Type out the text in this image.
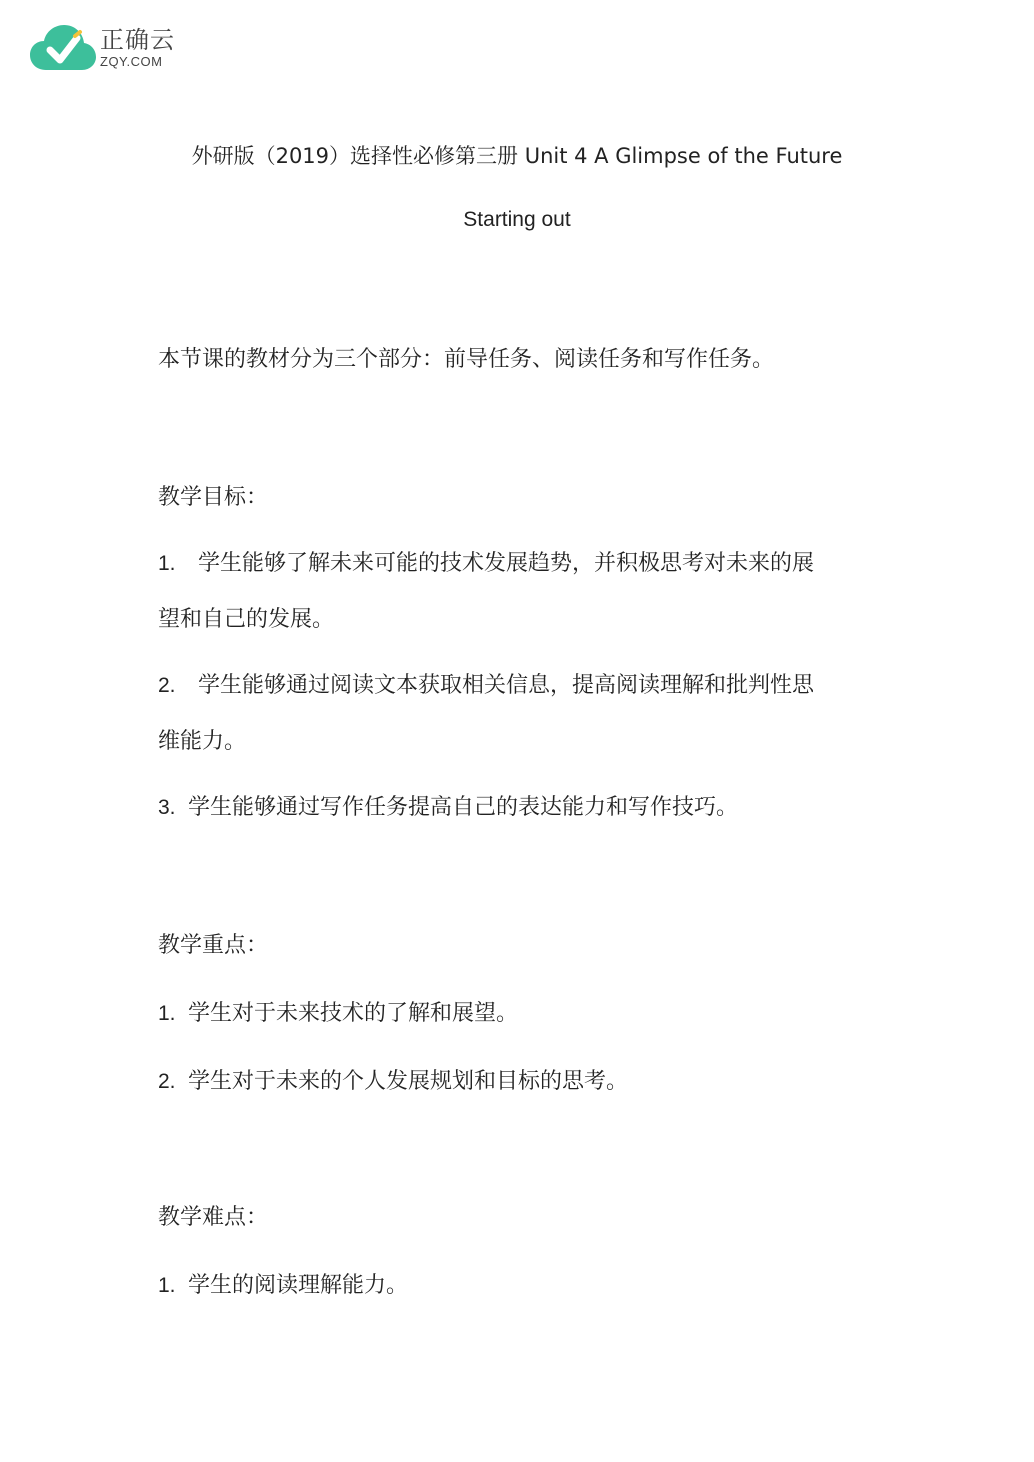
正确云
ZQY.COM
外研版（2019）选择性必修第三册 Unit 4 A Glimpse of the Future
Starting out
本节课的教材分为三个部分：前导任务、阅读任务和写作任务。
教学目标：
1. 学生能够了解未来可能的技术发展趋势，并积极思考对未来的展
望和自己的发展。
2. 学生能够通过阅读文本获取相关信息，提高阅读理解和批判性思
维能力。
3. 学生能够通过写作任务提高自己的表达能力和写作技巧。
教学重点：
1. 学生对于未来技术的了解和展望。
2. 学生对于未来的个人发展规划和目标的思考。
教学难点：
1. 学生的阅读理解能力。
